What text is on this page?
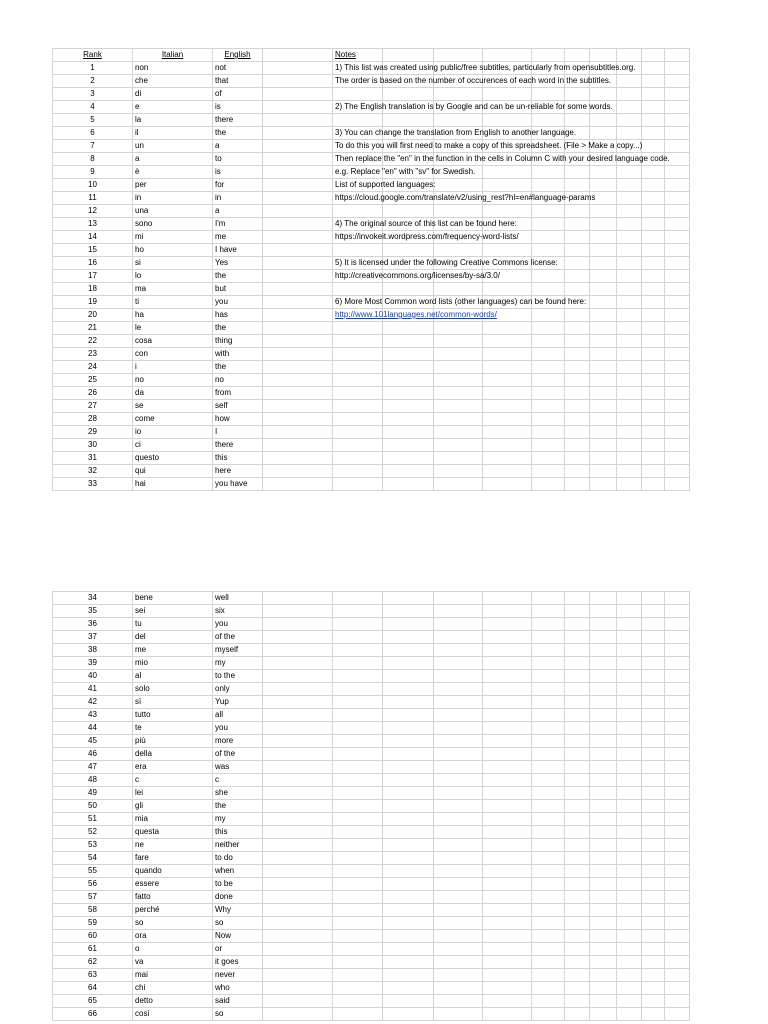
Rank	Italian	English		Notes									
1	non	not		1) This list was created using public/free subtitles, particularly from opensubtitles.org.									
2	che	that		The order is based on the number of occurences of each word in the subtitles.									
3	di	of											
4	e	is		2) The English translation is by Google and can be un-reliable for some words.									
5	la	there											
6	il	the		3) You can change the translation from English to another language.									
7	un	a		To do this you will first need to make a copy of this spreadsheet. (File > Make a copy...)									
8	a	to		Then replace the "en" in the function in the cells in Column C with your desired language code.									
9	è	is		e.g. Replace "en" with "sv" for Swedish.									
10	per	for		List of supported languages:									
11	in	in		https://cloud.google.com/translate/v2/using_rest?hl=en#language-params									
12	una	a											
13	sono	I'm		4) The original source of this list can be found here:									
14	mi	me		https://invokeit.wordpress.com/frequency-word-lists/									
15	ho	I have											
16	si	Yes		5) It is licensed under the following Creative Commons license:									
17	lo	the		http://creativecommons.org/licenses/by-sa/3.0/									
18	ma	but											
19	ti	you		6) More Most Common word lists (other languages) can be found here:									
20	ha	has		http://www.101languages.net/common-words/									
21	le	the											
22	cosa	thing											
23	con	with											
24	i	the											
25	no	no											
26	da	from											
27	se	self											
28	come	how											
29	io	I											
30	ci	there											
31	questo	this											
32	qui	here											
33	hai	you have											
34	bene	well											
35	sei	six											
36	tu	you											
37	del	of the											
38	me	myself											
39	mio	my											
40	al	to the											
41	solo	only											
42	sì	Yup											
43	tutto	all											
44	te	you											
45	più	more											
46	della	of the											
47	era	was											
48	c	c											
49	lei	she											
50	gli	the											
51	mia	my											
52	questa	this											
53	ne	neither											
54	fare	to do											
55	quando	when											
56	essere	to be											
57	fatto	done											
58	perché	Why											
59	so	so											
60	ora	Now											
61	o	or											
62	va	it goes											
63	mai	never											
64	chi	who											
65	detto	said											
66	così	so											
